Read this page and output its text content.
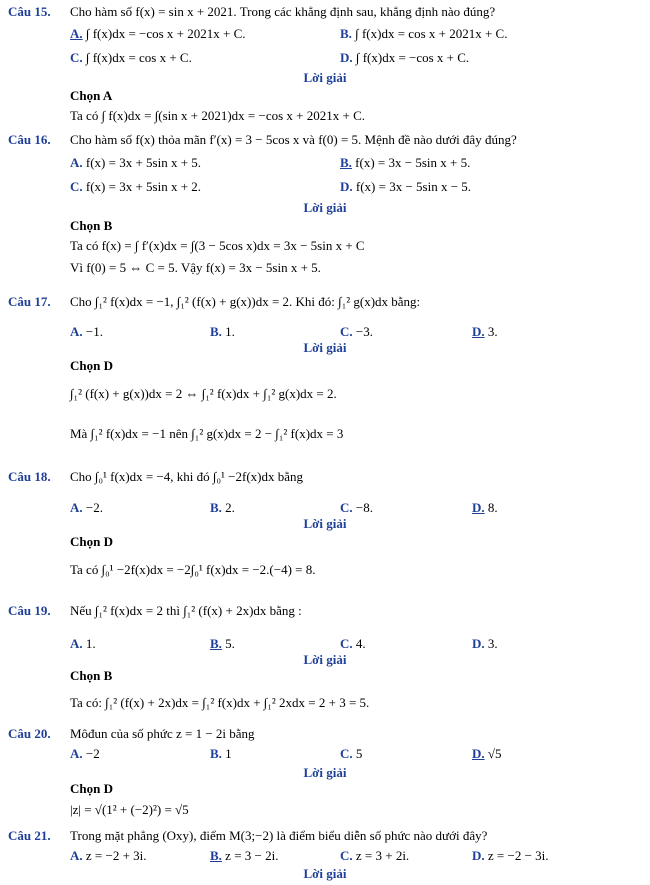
Câu 15. Cho hàm số f(x) = sin x + 2021. Trong các khẳng định sau, khẳng định nào đúng?
A. ∫ f(x)dx = −cos x + 2021x + C.	B. ∫ f(x)dx = cos x + 2021x + C.
C. ∫ f(x)dx = cos x + C.	D. ∫ f(x)dx = −cos x + C.
Lời giải
Chọn A
Ta có ∫ f(x)dx = ∫(sin x + 2021)dx = −cos x + 2021x + C.
Câu 16. Cho hàm số f(x) thỏa mãn f′(x) = 3 − 5cos x và f(0) = 5. Mệnh đề nào dưới đây đúng?
A. f(x) = 3x + 5sin x + 5.	B. f(x) = 3x − 5sin x + 5.
C. f(x) = 3x + 5sin x + 2.	D. f(x) = 3x − 5sin x − 5.
Lời giải
Chọn B
Ta có f(x) = ∫ f′(x)dx = ∫(3 − 5cos x)dx = 3x − 5sin x + C
Vì f(0) = 5 ⇔ C = 5. Vậy f(x) = 3x − 5sin x + 5.
Câu 17. Cho ∫₁² f(x)dx = −1, ∫₁² (f(x) + g(x))dx = 2. Khi đó: ∫₁² g(x)dx bằng:
A. −1.	B. 1.	C. −3.	D. 3.
Lời giải
Chọn D
∫₁² (f(x) + g(x))dx = 2 ⇔ ∫₁² f(x)dx + ∫₁² g(x)dx = 2.
Mà ∫₁² f(x)dx = −1 nên ∫₁² g(x)dx = 2 − ∫₁² f(x)dx = 3
Câu 18. Cho ∫₀¹ f(x)dx = −4, khi đó ∫₀¹ −2f(x)dx bằng
A. −2.	B. 2.	C. −8.	D. 8.
Lời giải
Chọn D
Ta có ∫₀¹ −2f(x)dx = −2∫₀¹ f(x)dx = −2.(−4) = 8.
Câu 19. Nếu ∫₁² f(x)dx = 2 thì ∫₁² (f(x) + 2x)dx bằng :
A. 1.	B. 5.	C. 4.	D. 3.
Lời giải
Chọn B
Ta có: ∫₁² (f(x) + 2x)dx = ∫₁² f(x)dx + ∫₁² 2xdx = 2 + 3 = 5.
Câu 20. Môđun của số phức z = 1 − 2i bằng
A. −2	B. 1	C. 5	D. √5
Lời giải
Chọn D
|z| = √(1² + (−2)²) = √5
Câu 21. Trong mặt phẳng (Oxy), điểm M(3;−2) là điểm biểu diễn số phức nào dưới đây?
A. z = −2 + 3i.	B. z = 3 − 2i.	C. z = 3 + 2i.	D. z = −2 − 3i.
Lời giải
